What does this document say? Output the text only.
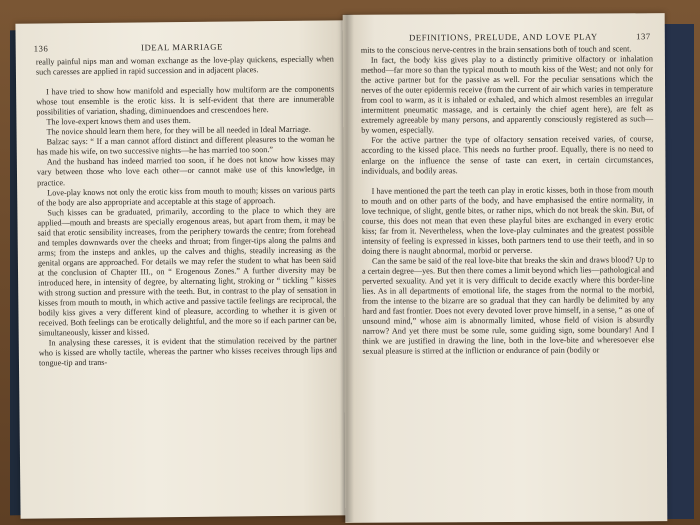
136	IDEAL MARRIAGE

really painful nips man and woman exchange as the love-play quickens, especially when such caresses are applied in rapid succession and in adjacent places.

I have tried to show how manifold and especially how multiform are the components whose tout ensemble is the erotic kiss. It is self-evident that there are innumerable possibilities of variation, shading, diminuendoes and crescendoes here.

The love-expert knows them and uses them.

The novice should learn them here, for they will be all needed in Ideal Marriage.

Balzac says: “ If a man cannot afford distinct and different pleasures to the woman he has made his wife, on two successive nights—he has married too soon.”

And the husband has indeed married too soon, if he does not know how kisses may vary between those who love each other—or cannot make use of this knowledge, in practice.

Love-play knows not only the erotic kiss from mouth to mouth; kisses on various parts of the body are also appropriate and acceptable at this stage of approach.

Such kisses can be graduated, primarily, according to the place to which they are applied—mouth and breasts are specially erogenous areas, but apart from them, it may be said that erotic sensibility increases, from the periphery towards the centre; from forehead and temples downwards over the cheeks and throat; from finger-tips along the palms and arms; from the insteps and ankles, up the calves and thighs, steadily increasing as the genital organs are approached. For details we may refer the student to what has been said at the conclusion of Chapter III., on “ Erogenous Zones.” A further diversity may be introduced here, in intensity of degree, by alternating light, stroking or “ tickling ” kisses with strong suction and pressure with the teeth. But, in contrast to the play of sensation in kisses from mouth to mouth, in which active and passive tactile feelings are reciprocal, the bodily kiss gives a very different kind of pleasure, according to whether it is given or received. Both feelings can be erotically delightful, and the more so if each partner can be, simultaneously, kisser and kissed.

In analysing these caresses, it is evident that the stimulation received by the partner who is kissed are wholly tactile, whereas the partner who kisses receives through lips and tongue-tip and trans-

DEFINITIONS, PRELUDE, AND LOVE PLAY	137

mits to the conscious nerve-centres in the brain sensations both of touch and scent.

In fact, the body kiss gives play to a distinctly primitive olfactory or inhalation method—far more so than the typical mouth to mouth kiss of the West; and not only for the active partner but for the passive as well. For the peculiar sensations which the nerves of the outer epidermis receive (from the current of air which varies in temperature from cool to warm, as it is inhaled or exhaled, and which almost resembles an irregular intermittent pneumatic massage, and is certainly the chief agent here), are felt as extremely agreeable by many persons, and apparently consciously registered as such—by women, especially.

For the active partner the type of olfactory sensation received varies, of course, according to the kissed place. This needs no further proof. Equally, there is no need to enlarge on the influence the sense of taste can exert, in certain circumstances, individuals, and bodily areas.

I have mentioned the part the teeth can play in erotic kisses, both in those from mouth to mouth and on other parts of the body, and have emphasised the entire normality, in love technique, of slight, gentle bites, or rather nips, which do not break the skin. But, of course, this does not mean that even these playful bites are exchanged in every erotic kiss; far from it. Nevertheless, when the love-play culminates and the greatest possible intensity of feeling is expressed in kisses, both partners tend to use their teeth, and in so doing there is naught abnormal, morbid or perverse.

Can the same be said of the real love-bite that breaks the skin and draws blood? Up to a certain degree—yes. But then there comes a limit beyond which lies—pathological and perverted sexuality. And yet it is very difficult to decide exactly where this border-line lies. As in all departments of emotional life, the stages from the normal to the morbid, from the intense to the bizarre are so gradual that they can hardly be delimited by any hard and fast frontier. Does not every devoted lover prove himself, in a sense, “ as one of unsound mind,” whose aim is abnormally limited, whose field of vision is absurdly narrow? And yet there must be some rule, some guiding sign, some boundary! And I think we are justified in drawing the line, both in the love-bite and wheresoever else sexual pleasure is stirred at the infliction or endurance of pain (bodily or
